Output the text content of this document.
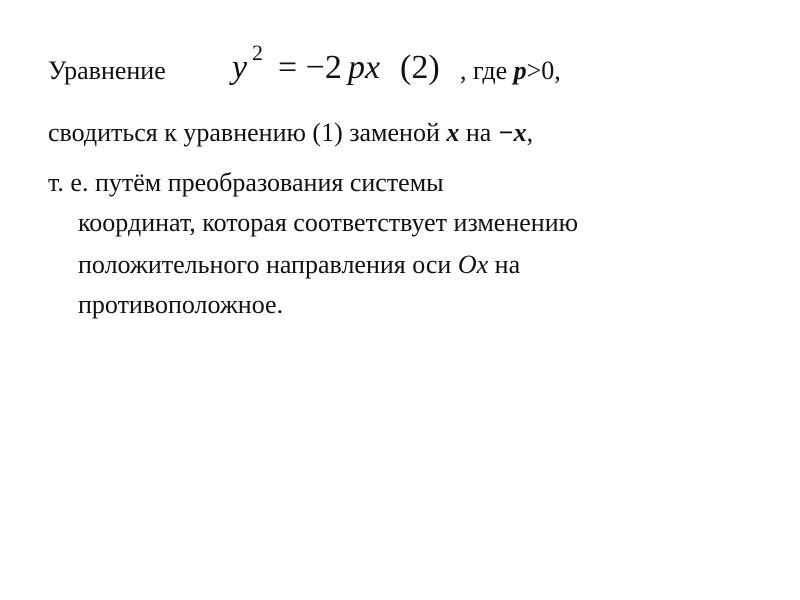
Уравнение y 2 = −2 px (2) , где p>0,
сводиться к уравнению (1) заменой x на −x,
т. е. путём преобразования системы
координат, которая соответствует изменению
положительного направления оси Ox на
противоположное.
